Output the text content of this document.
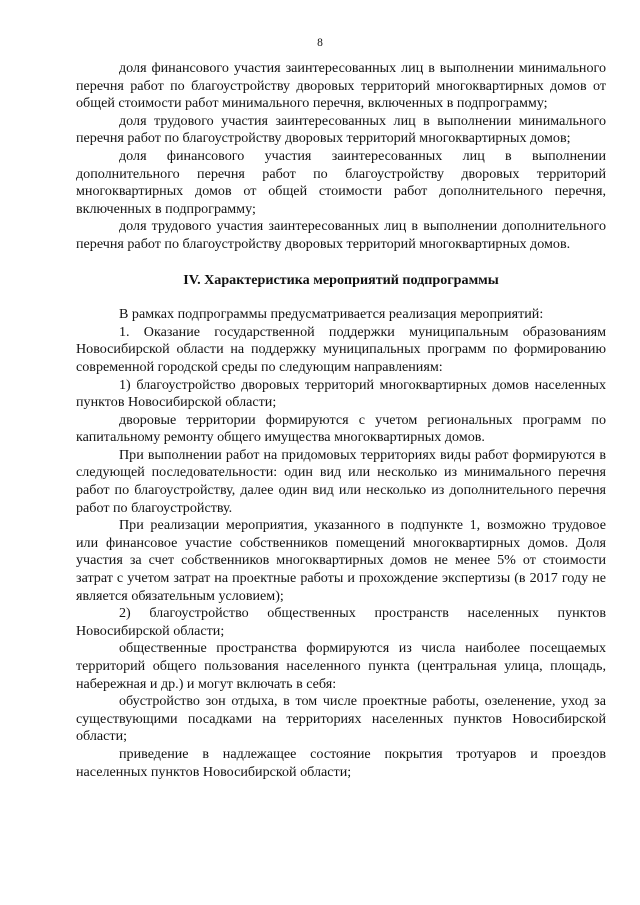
8

доля финансового участия заинтересованных лиц в выполнении минимального перечня работ по благоустройству дворовых территорий многоквартирных домов от общей стоимости работ минимального перечня, включенных в подпрограмму;

доля трудового участия заинтересованных лиц в выполнении минимального перечня работ по благоустройству дворовых территорий многоквартирных домов;

доля финансового участия заинтересованных лиц в выполнении дополнительного перечня работ по благоустройству дворовых территорий многоквартирных домов от общей стоимости работ дополнительного перечня, включенных в подпрограмму;

доля трудового участия заинтересованных лиц в выполнении дополнительного перечня работ по благоустройству дворовых территорий многоквартирных домов.

IV. Характеристика мероприятий подпрограммы

В рамках подпрограммы предусматривается реализация мероприятий:

1. Оказание государственной поддержки муниципальным образованиям Новосибирской области на поддержку муниципальных программ по формированию современной городской среды по следующим направлениям:

1) благоустройство дворовых территорий многоквартирных домов населенных пунктов Новосибирской области;

дворовые территории формируются с учетом региональных программ по капитальному ремонту общего имущества многоквартирных домов.

При выполнении работ на придомовых территориях виды работ формируются в следующей последовательности: один вид или несколько из минимального перечня работ по благоустройству, далее один вид или несколько из дополнительного перечня работ по благоустройству.

При реализации мероприятия, указанного в подпункте 1, возможно трудовое или финансовое участие собственников помещений многоквартирных домов. Доля участия за счет собственников многоквартирных домов не менее 5% от стоимости затрат с учетом затрат на проектные работы и прохождение экспертизы (в 2017 году не является обязательным условием);

2) благоустройство общественных пространств населенных пунктов Новосибирской области;

общественные пространства формируются из числа наиболее посещаемых территорий общего пользования населенного пункта (центральная улица, площадь, набережная и др.) и могут включать в себя:

обустройство зон отдыха, в том числе проектные работы, озеленение, уход за существующими посадками на территориях населенных пунктов Новосибирской области;

приведение в надлежащее состояние покрытия тротуаров и проездов населенных пунктов Новосибирской области;
